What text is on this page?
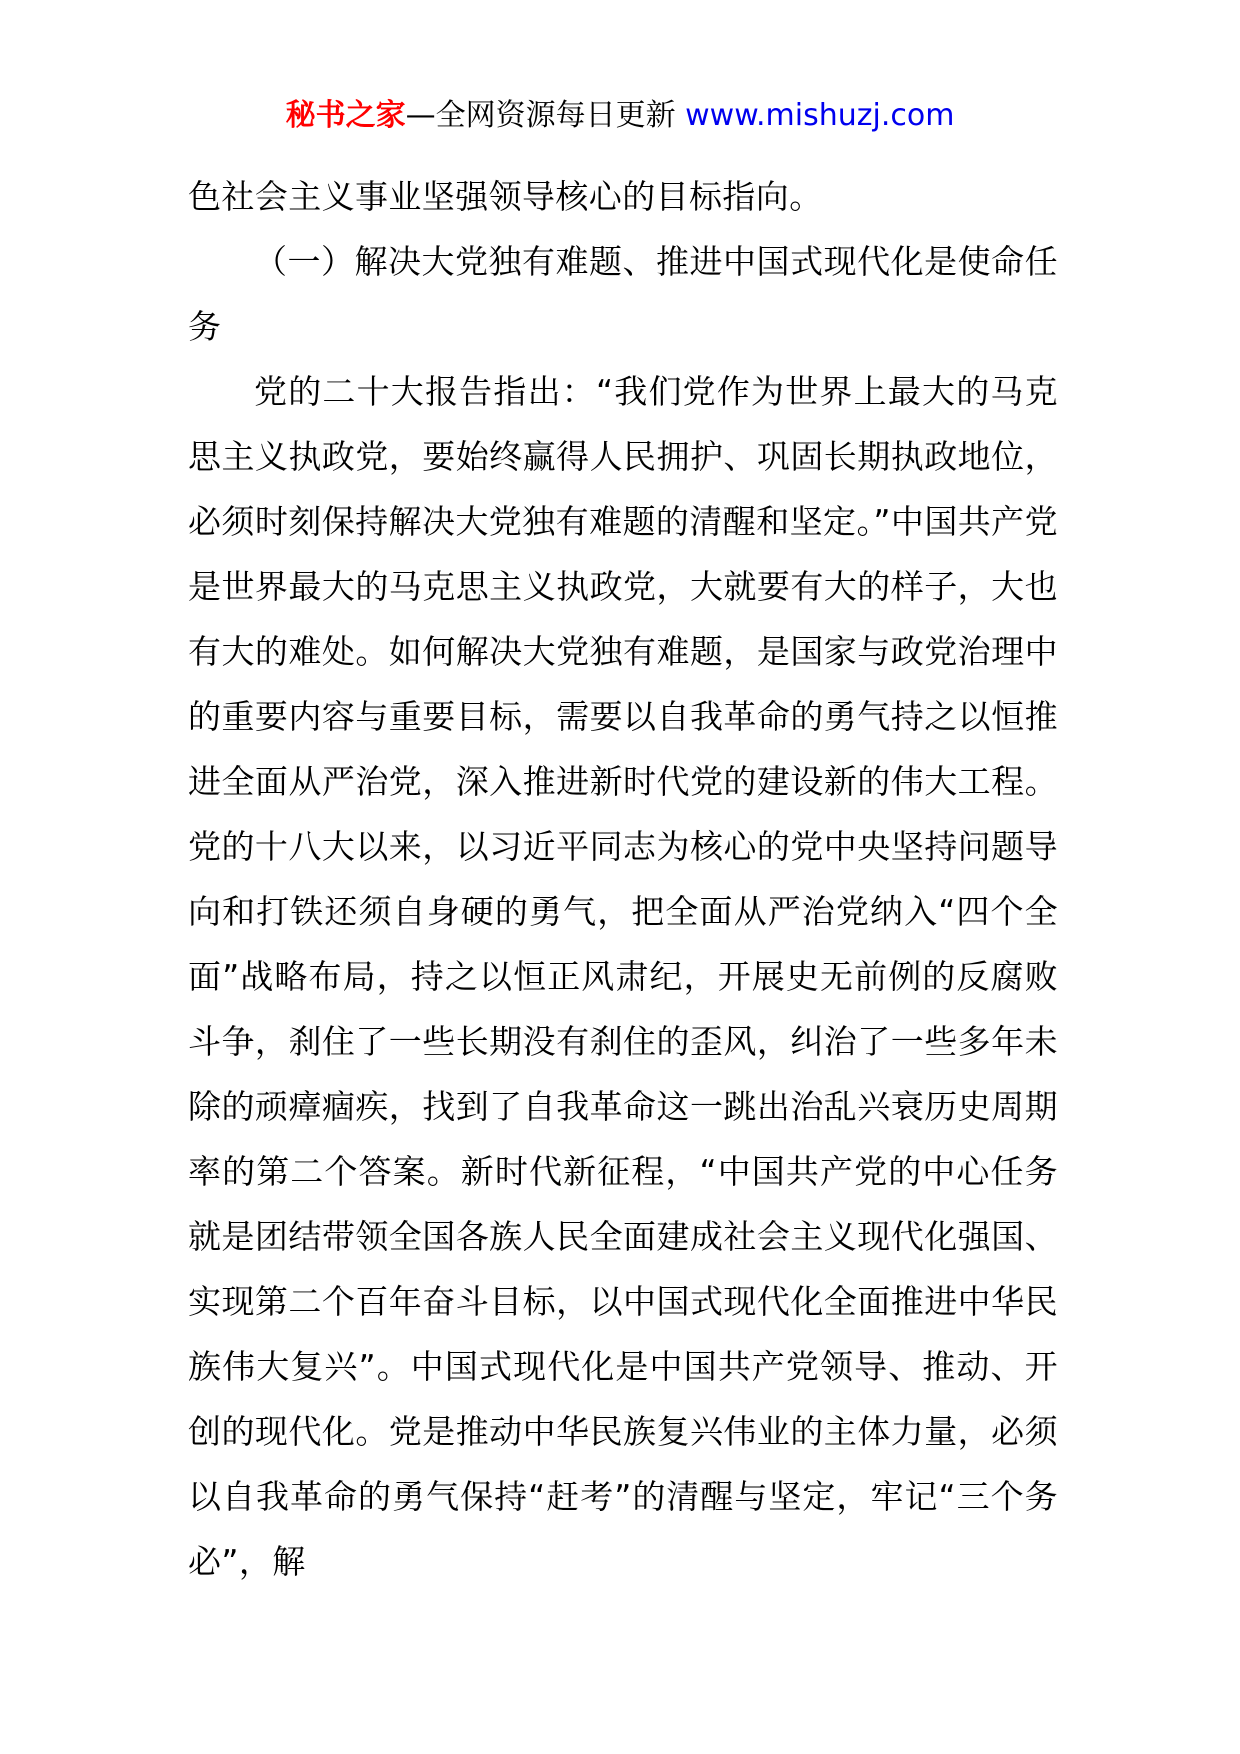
秘书之家—全网资源每日更新 www.mishuzj.com

色社会主义事业坚强领导核心的目标指向。

（一）解决大党独有难题、推进中国式现代化是使命任务

党的二十大报告指出：“我们党作为世界上最大的马克思主义执政党，要始终赢得人民拥护、巩固长期执政地位，必须时刻保持解决大党独有难题的清醒和坚定。”中国共产党是世界最大的马克思主义执政党，大就要有大的样子，大也有大的难处。如何解决大党独有难题，是国家与政党治理中的重要内容与重要目标，需要以自我革命的勇气持之以恒推进全面从严治党，深入推进新时代党的建设新的伟大工程。党的十八大以来，以习近平同志为核心的党中央坚持问题导向和打铁还须自身硬的勇气，把全面从严治党纳入“四个全面”战略布局，持之以恒正风肃纪，开展史无前例的反腐败斗争，刹住了一些长期没有刹住的歪风，纠治了一些多年未除的顽瘴痼疾，找到了自我革命这一跳出治乱兴衰历史周期率的第二个答案。新时代新征程，“中国共产党的中心任务就是团结带领全国各族人民全面建成社会主义现代化强国、实现第二个百年奋斗目标，以中国式现代化全面推进中华民族伟大复兴”。中国式现代化是中国共产党领导、推动、开创的现代化。党是推动中华民族复兴伟业的主体力量，必须以自我革命的勇气保持“赶考”的清醒与坚定，牢记“三个务必”，解
